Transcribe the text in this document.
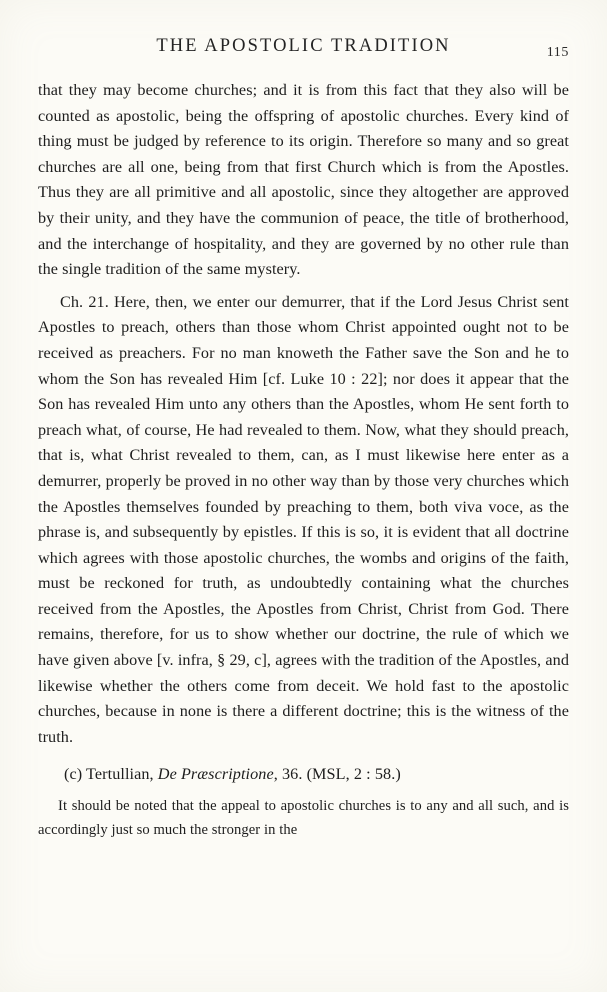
THE APOSTOLIC TRADITION	115

that they may become churches; and it is from this fact that they also will be counted as apostolic, being the offspring of apostolic churches. Every kind of thing must be judged by reference to its origin. Therefore so many and so great churches are all one, being from that first Church which is from the Apostles. Thus they are all primitive and all apostolic, since they altogether are approved by their unity, and they have the communion of peace, the title of brotherhood, and the interchange of hospitality, and they are governed by no other rule than the single tradition of the same mystery.

Ch. 21. Here, then, we enter our demurrer, that if the Lord Jesus Christ sent Apostles to preach, others than those whom Christ appointed ought not to be received as preachers. For no man knoweth the Father save the Son and he to whom the Son has revealed Him [cf. Luke 10 : 22]; nor does it appear that the Son has revealed Him unto any others than the Apostles, whom He sent forth to preach what, of course, He had revealed to them. Now, what they should preach, that is, what Christ revealed to them, can, as I must likewise here enter as a demurrer, properly be proved in no other way than by those very churches which the Apostles themselves founded by preaching to them, both viva voce, as the phrase is, and subsequently by epistles. If this is so, it is evident that all doctrine which agrees with those apostolic churches, the wombs and origins of the faith, must be reckoned for truth, as undoubtedly containing what the churches received from the Apostles, the Apostles from Christ, Christ from God. There remains, therefore, for us to show whether our doctrine, the rule of which we have given above [v. infra, § 29, c], agrees with the tradition of the Apostles, and likewise whether the others come from deceit. We hold fast to the apostolic churches, because in none is there a different doctrine; this is the witness of the truth.

(c) Tertullian, De Præscriptione, 36. (MSL, 2 : 58.)

It should be noted that the appeal to apostolic churches is to any and all such, and is accordingly just so much the stronger in the
